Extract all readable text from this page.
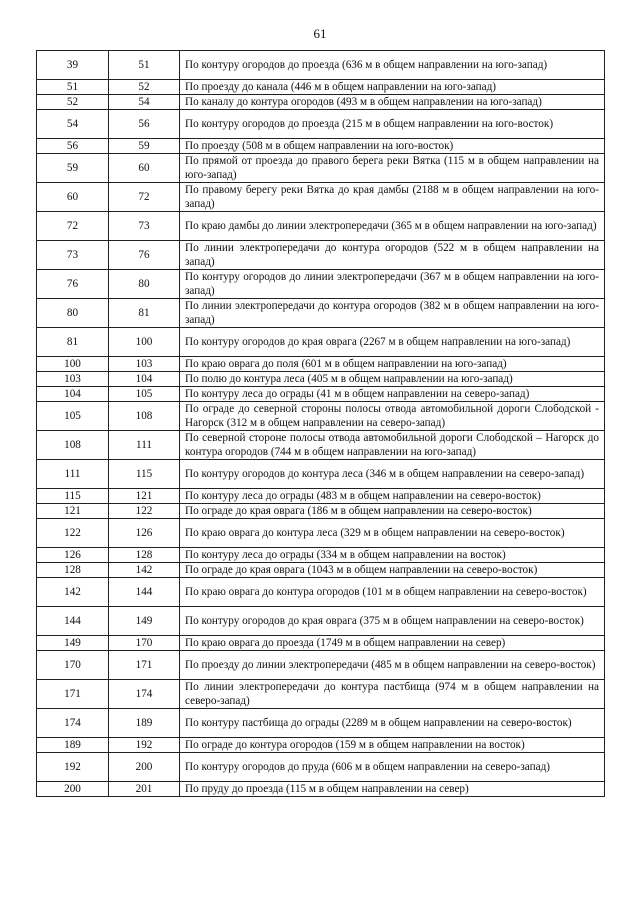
61
39	51	По контуру огородов до проезда (636 м в общем направлении на юго-запад)
51	52	По проезду до канала (446 м в общем направлении на юго-запад)
52	54	По каналу до контура огородов (493 м в общем направлении на юго-запад)
54	56	По контуру огородов до проезда (215 м в общем направлении на юго-восток)
56	59	По проезду (508 м в общем направлении на юго-восток)
59	60	По прямой от проезда до правого берега реки Вятка (115 м в общем направлении на юго-запад)
60	72	По правому берегу реки Вятка до края дамбы (2188 м в общем направлении на юго-запад)
72	73	По краю дамбы до линии электропередачи (365 м в общем направлении на юго-запад)
73	76	По линии электропередачи до контура огородов (522 м в общем направлении на запад)
76	80	По контуру огородов до линии электропередачи (367 м в общем направлении на юго-запад)
80	81	По линии электропередачи до контура огородов (382 м в общем направлении на юго-запад)
81	100	По контуру огородов до края оврага (2267 м в общем направлении на юго-запад)
100	103	По краю оврага до поля (601 м в общем направлении на юго-запад)
103	104	По полю до контура леса (405 м в общем направлении на юго-запад)
104	105	По контуру леса до ограды (41 м в общем направлении на северо-запад)
105	108	По ограде до северной стороны полосы отвода автомобильной дороги Слободской - Нагорск (312 м в общем направлении на северо-запад)
108	111	По северной стороне полосы отвода автомобильной дороги Слободской – Нагорск до контура огородов (744 м в общем направлении на юго-запад)
111	115	По контуру огородов до контура леса (346 м в общем направлении на северо-запад)
115	121	По контуру леса до ограды (483 м в общем направлении на северо-восток)
121	122	По ограде до края оврага (186 м в общем направлении на северо-восток)
122	126	По краю оврага до контура леса (329 м в общем направлении на северо-восток)
126	128	По контуру леса до ограды (334 м в общем направлении на восток)
128	142	По ограде до края оврага (1043 м в общем направлении на северо-восток)
142	144	По краю оврага до контура огородов (101 м в общем направлении на северо-восток)
144	149	По контуру огородов до края оврага (375 м в общем направлении на северо-восток)
149	170	По краю оврага до проезда (1749 м в общем направлении на север)
170	171	По проезду до линии электропередачи (485 м в общем направлении на северо-восток)
171	174	По линии электропередачи до контура пастбища (974 м в общем направлении на северо-запад)
174	189	По контуру пастбища до ограды (2289 м в общем направлении на северо-восток)
189	192	По ограде до контура огородов (159 м в общем направлении на восток)
192	200	По контуру огородов до пруда (606 м в общем направлении на северо-запад)
200	201	По пруду до проезда (115 м в общем направлении на север)
